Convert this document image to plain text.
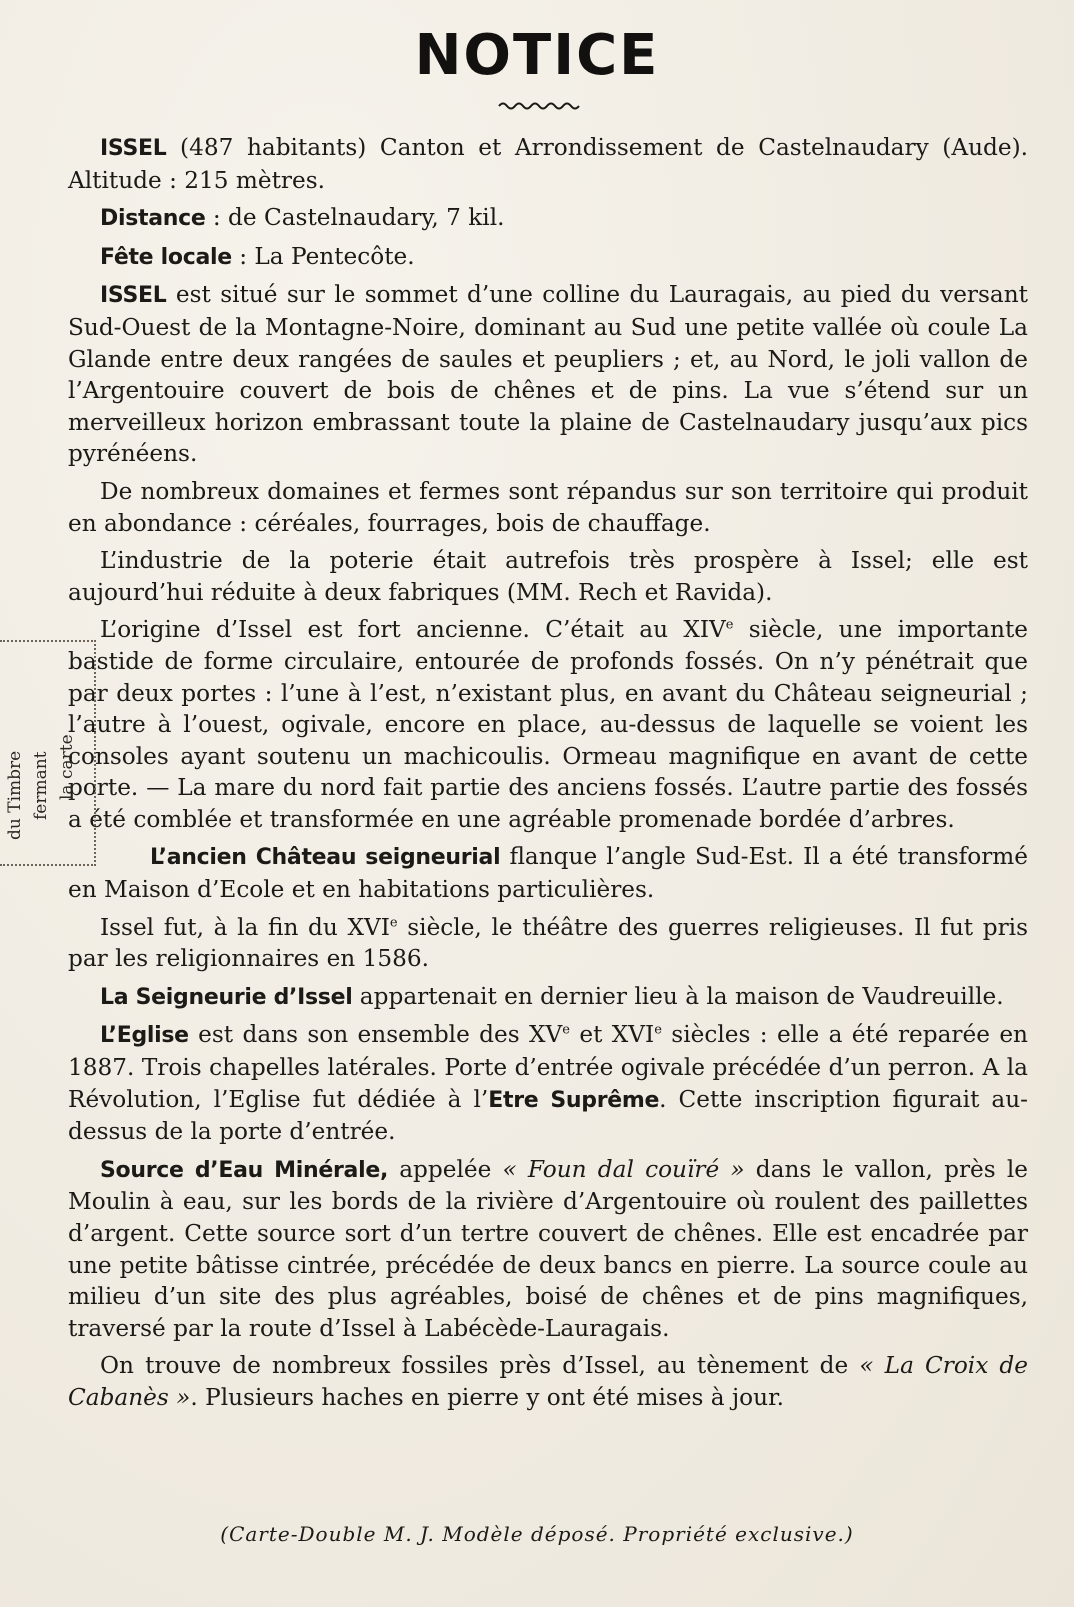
NOTICE

ISSEL (487 habitants) Canton et Arrondissement de Castelnaudary (Aude). Altitude : 215 mètres.

Distance : de Castelnaudary, 7 kil.

Fête locale : La Pentecôte.

ISSEL est situé sur le sommet d’une colline du Lauragais, au pied du versant Sud-Ouest de la Montagne-Noire, dominant au Sud une petite vallée où coule La Glande entre deux rangées de saules et peupliers ; et, au Nord, le joli vallon de l’Argentouire couvert de bois de chênes et de pins. La vue s’étend sur un merveilleux horizon embrassant toute la plaine de Castelnaudary jusqu’aux pics pyrénéens.

De nombreux domaines et fermes sont répandus sur son territoire qui produit en abondance : céréales, fourrages, bois de chauffage.

L’industrie de la poterie était autrefois très prospère à Issel; elle est aujourd’hui réduite à deux fabriques (MM. Rech et Ravida).

L’origine d’Issel est fort ancienne. C’était au XIVe siècle, une importante bastide de forme circulaire, entourée de profonds fossés. On n’y pénétrait que par deux portes : l’une à l’est, n’existant plus, en avant du Château seigneurial ; l’autre à l’ouest, ogivale, encore en place, au-dessus de laquelle se voient les consoles ayant soutenu un machicoulis. Ormeau magnifique en avant de cette porte. — La mare du nord fait partie des anciens fossés. L’autre partie des fossés a été comblée et transformée en une agréable promenade bordée d’arbres.

L’ancien Château seigneurial flanque l’angle Sud-Est. Il a été transformé en Maison d’Ecole et en habitations particulières.

Issel fut, à la fin du XVIe siècle, le théâtre des guerres religieuses. Il fut pris par les religionnaires en 1586.

La Seigneurie d’Issel appartenait en dernier lieu à la maison de Vaudreuille.

L’Eglise est dans son ensemble des XVe et XVIe siècles : elle a été reparée en 1887. Trois chapelles latérales. Porte d’entrée ogivale précédée d’un perron. A la Révolution, l’Eglise fut dédiée à l’Etre Suprême. Cette inscription figurait au-dessus de la porte d’entrée.

Source d’Eau Minérale, appelée « Foun dal couïré » dans le vallon, près le Moulin à eau, sur les bords de la rivière d’Argentouire où roulent des paillettes d’argent. Cette source sort d’un tertre couvert de chênes. Elle est encadrée par une petite bâtisse cintrée, précédée de deux bancs en pierre. La source coule au milieu d’un site des plus agréables, boisé de chênes et de pins magnifiques, traversé par la route d’Issel à Labécède-Lauragais.

On trouve de nombreux fossiles près d’Issel, au tènement de « La Croix de Cabanès ». Plusieurs haches en pierre y ont été mises à jour.

du Timbre fermant la carte
(Carte-Double M. J. Modèle déposé. Propriété exclusive.)
